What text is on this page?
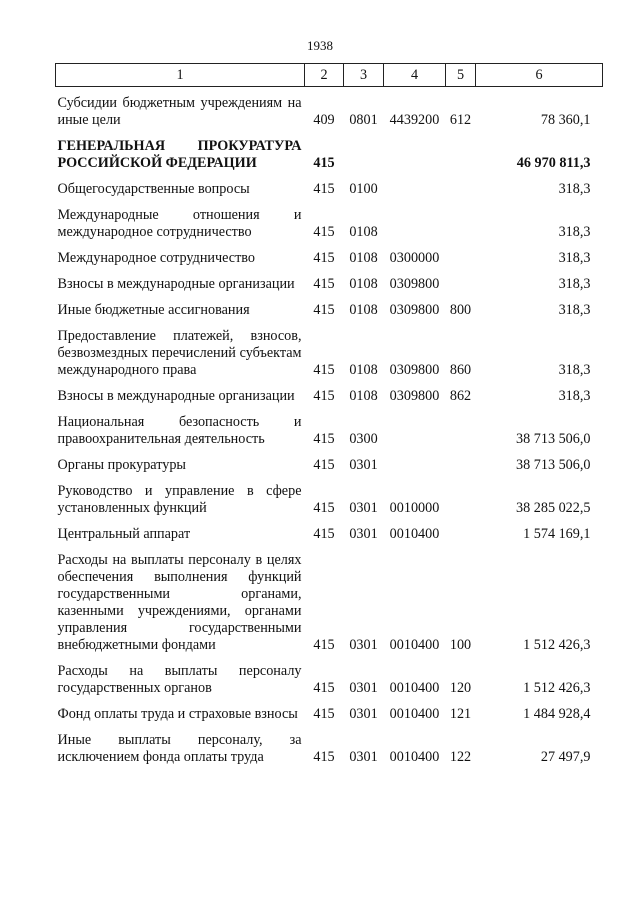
1938
1	2	3	4	5	6
Субсидии бюджетным учреждениям на иные цели	409	0801	4439200	612	78 360,1
ГЕНЕРАЛЬНАЯ ПРОКУРАТУРА РОССИЙСКОЙ ФЕДЕРАЦИИ	415				46 970 811,3
Общегосударственные вопросы	415	0100			318,3
Международные отношения и международное сотрудничество	415	0108			318,3
Международное сотрудничество	415	0108	0300000		318,3
Взносы в международные организации	415	0108	0309800		318,3
Иные бюджетные ассигнования	415	0108	0309800	800	318,3
Предоставление платежей, взносов, безвозмездных перечислений субъектам международного права	415	0108	0309800	860	318,3
Взносы в международные организации	415	0108	0309800	862	318,3
Национальная безопасность и правоохранительная деятельность	415	0300			38 713 506,0
Органы прокуратуры	415	0301			38 713 506,0
Руководство и управление в сфере установленных функций	415	0301	0010000		38 285 022,5
Центральный аппарат	415	0301	0010400		1 574 169,1
Расходы на выплаты персоналу в целях обеспечения выполнения функций государственными органами, казенными учреждениями, органами управления государственными внебюджетными фондами	415	0301	0010400	100	1 512 426,3
Расходы на выплаты персоналу государственных органов	415	0301	0010400	120	1 512 426,3
Фонд оплаты труда и страховые взносы	415	0301	0010400	121	1 484 928,4
Иные выплаты персоналу, за исключением фонда оплаты труда	415	0301	0010400	122	27 497,9
